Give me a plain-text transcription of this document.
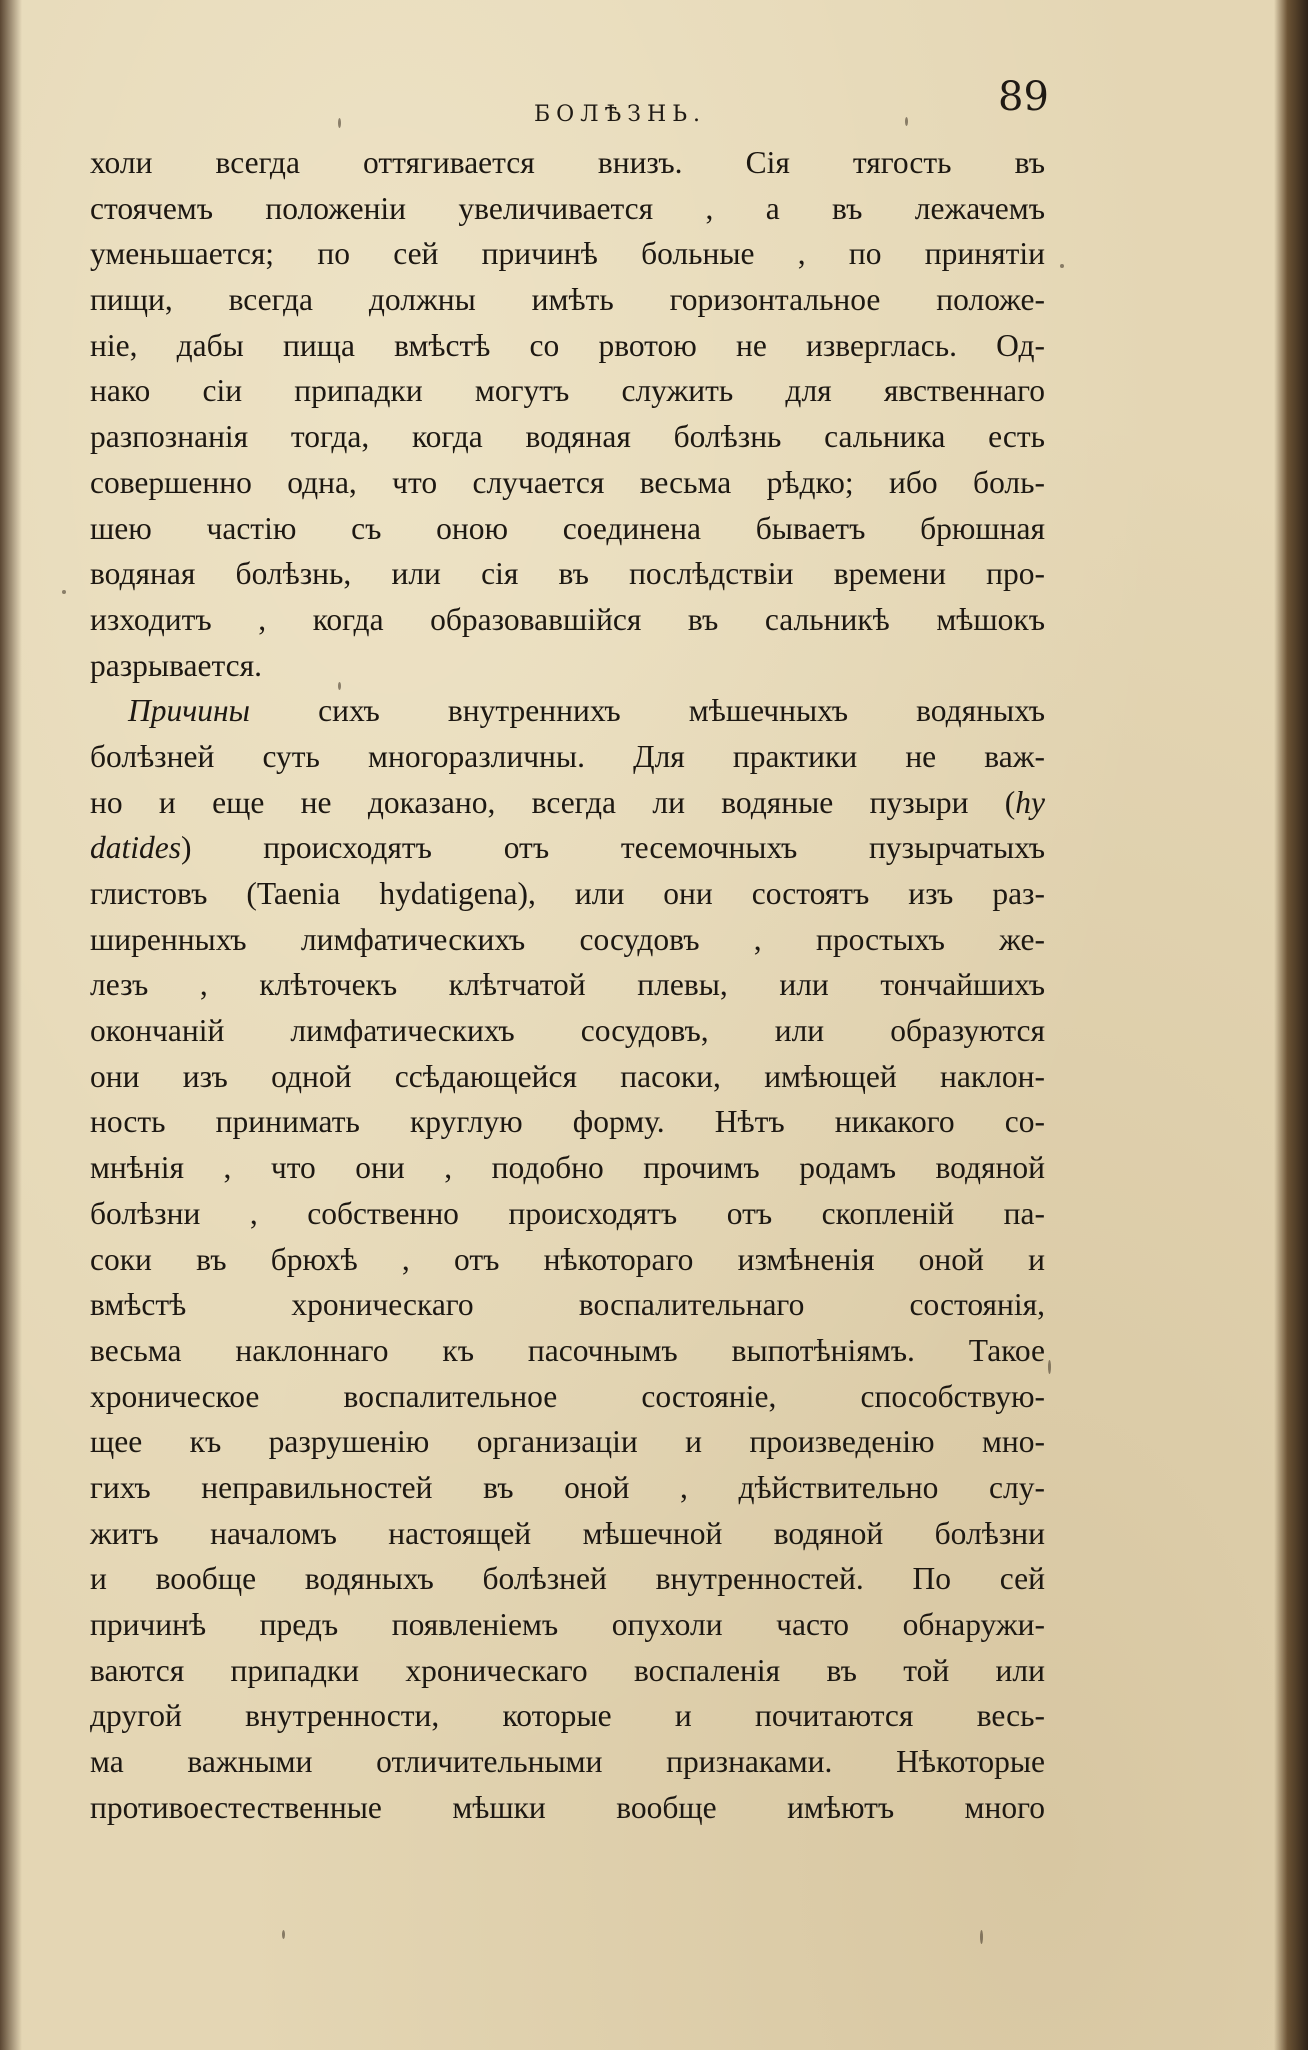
БОЛѢЗНЬ.	89
холи всегда оттягивается внизъ. Сія тягость въ
стоячемъ положеніи увеличивается , а въ лежачемъ
уменьшается; по сей причинѣ больные , по принятіи
пищи, всегда должны имѣть горизонтальное положе-
ніе, дабы пища вмѣстѣ со рвотою не изверглась. Од-
нако сіи припадки могутъ служить для явственнаго
разпознанія тогда, когда водяная болѣзнь сальника есть
совершенно одна, что случается весьма рѣдко; ибо боль-
шею частію съ оною соединена бываетъ брюшная
водяная болѣзнь, или сія въ послѣдствіи времени про-
изходитъ , когда образовавшійся въ сальникѣ мѣшокъ
разрывается.
Причины сихъ внутреннихъ мѣшечныхъ водяныхъ
болѣзней суть многоразличны. Для практики не важ-
но и еще не доказано, всегда ли водяные пузыри (hy
datides) происходятъ отъ тесемочныхъ пузырчатыхъ
глистовъ (Taenia hydatigena), или они состоятъ изъ раз-
ширенныхъ лимфатическихъ сосудовъ , простыхъ же-
лезъ , клѣточекъ клѣтчатой плевы, или тончайшихъ
окончаній лимфатическихъ сосудовъ, или образуются
они изъ одной ссѣдающейся пасоки, имѣющей наклон-
ность принимать круглую форму. Нѣтъ никакого со-
мнѣнія , что они , подобно прочимъ родамъ водяной
болѣзни , собственно происходятъ отъ скопленій па-
соки въ брюхѣ , отъ нѣкотораго измѣненія оной и
вмѣстѣ хроническаго воспалительнаго состоянія,
весьма наклоннаго къ пасочнымъ выпотѣніямъ. Такое
хроническое воспалительное состояніе, способствую-
щее къ разрушенію организаціи и произведенію мно-
гихъ неправильностей въ оной , дѣйствительно слу-
житъ началомъ настоящей мѣшечной водяной болѣзни
и вообще водяныхъ болѣзней внутренностей. По сей
причинѣ предъ появленіемъ опухоли часто обнаружи-
ваются припадки хроническаго воспаленія въ той или
другой внутренности, которые и почитаются весь-
ма важными отличительными признаками. Нѣкоторые
противоестественные мѣшки вообще имѣютъ много
